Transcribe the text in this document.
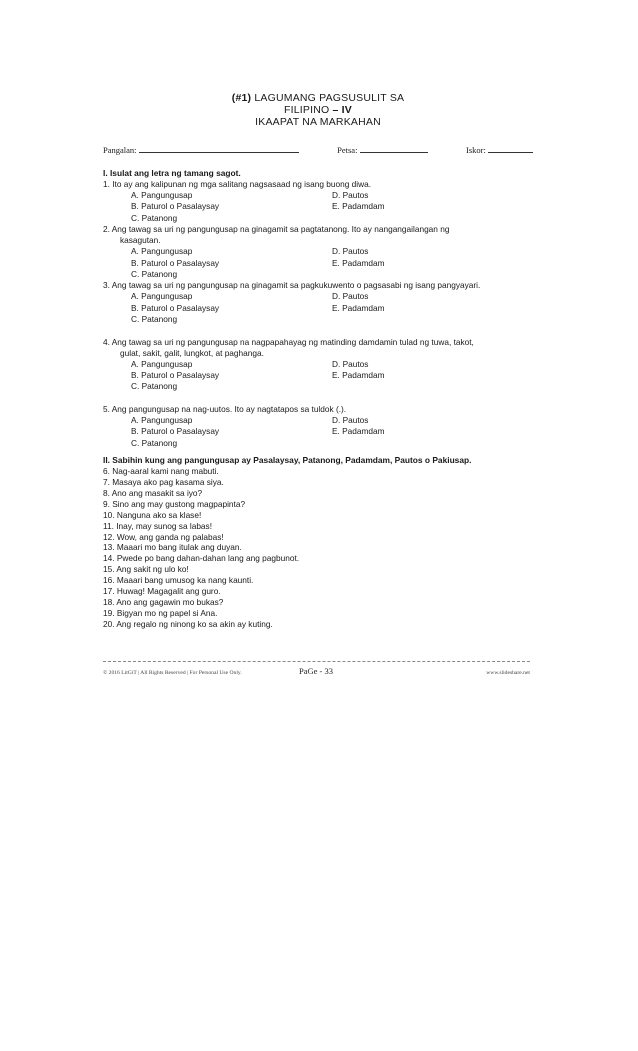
(#1) LAGUMANG PAGSUSULIT SA
FILIPINO – IV
IKAAPAT NA MARKAHAN
Pangalan:	Petsa:	Iskor:
I. Isulat ang letra ng tamang sagot.
1. Ito ay ang kalipunan ng mga salitang nagsasaad ng isang buong diwa.
A. Pangungusap	D. Pautos
B. Paturol o Pasalaysay	E. Padamdam
C. Patanong
2. Ang tawag sa uri ng pangungusap na ginagamit sa pagtatanong. Ito ay nangangailangan ng
kasagutan.
A. Pangungusap	D. Pautos
B. Paturol o Pasalaysay	E. Padamdam
C. Patanong
3. Ang tawag sa uri ng pangungusap na ginagamit sa pagkukuwento o pagsasabi ng isang pangyayari.
A. Pangungusap	D. Pautos
B. Paturol o Pasalaysay	E. Padamdam
C. Patanong
4. Ang tawag sa uri ng pangungusap na nagpapahayag ng matinding damdamin tulad ng tuwa, takot,
gulat, sakit, galit, lungkot, at paghanga.
A. Pangungusap	D. Pautos
B. Paturol o Pasalaysay	E. Padamdam
C. Patanong
5. Ang pangungusap na nag-uutos. Ito ay nagtatapos sa tuldok (.).
A. Pangungusap	D. Pautos
B. Paturol o Pasalaysay	E. Padamdam
C. Patanong
II. Sabihin kung ang pangungusap ay Pasalaysay, Patanong, Padamdam, Pautos o Pakiusap.
6. Nag-aaral kami nang mabuti.
7. Masaya ako pag kasama siya.
8. Ano ang masakit sa iyo?
9. Sino ang may gustong magpapinta?
10. Nanguna ako sa klase!
11. Inay, may sunog sa labas!
12. Wow, ang ganda ng palabas!
13. Maaari mo bang itulak ang duyan.
14. Pwede po bang dahan-dahan lang ang pagbunot.
15. Ang sakit ng ulo ko!
16. Maaari bang umusog ka nang kaunti.
17. Huwag! Magagalit ang guro.
18. Ano ang gagawin mo bukas?
19. Bigyan mo ng papel si Ana.
20. Ang regalo ng ninong ko sa akin ay kuting.
© 2016 LitGiT | All Rights Reserved | For Personal Use Only.	PaGe - 33	www.slideshare.net
